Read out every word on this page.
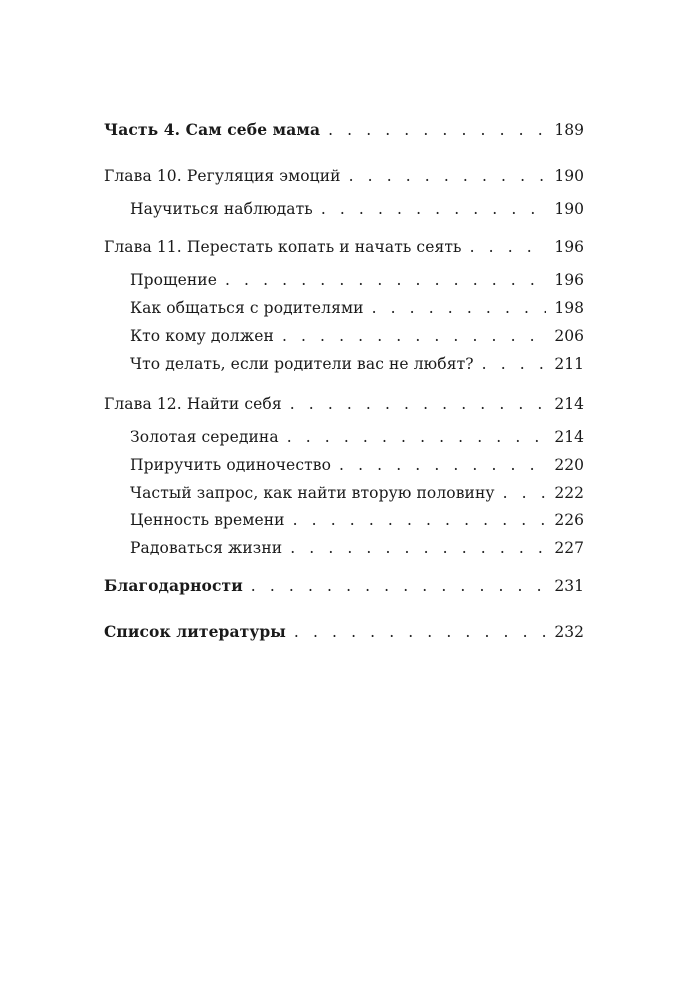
Часть 4. Сам себе мама . . .	189
Глава 10. Регуляция эмоций . . .	190
Научиться наблюдать . . .	190
Глава 11. Перестать копать и начать сеять . . .	196
Прощение . . .	196
Как общаться с родителями . . .	198
Кто кому должен . . .	206
Что делать, если родители вас не любят? . . .	211
Глава 12. Найти себя . . .	214
Золотая середина . . .	214
Приручить одиночество . . .	220
Частый запрос, как найти вторую половину . . .	222
Ценность времени . . .	226
Радоваться жизни . . .	227
Благодарности . . .	231
Список литературы . . .	232
